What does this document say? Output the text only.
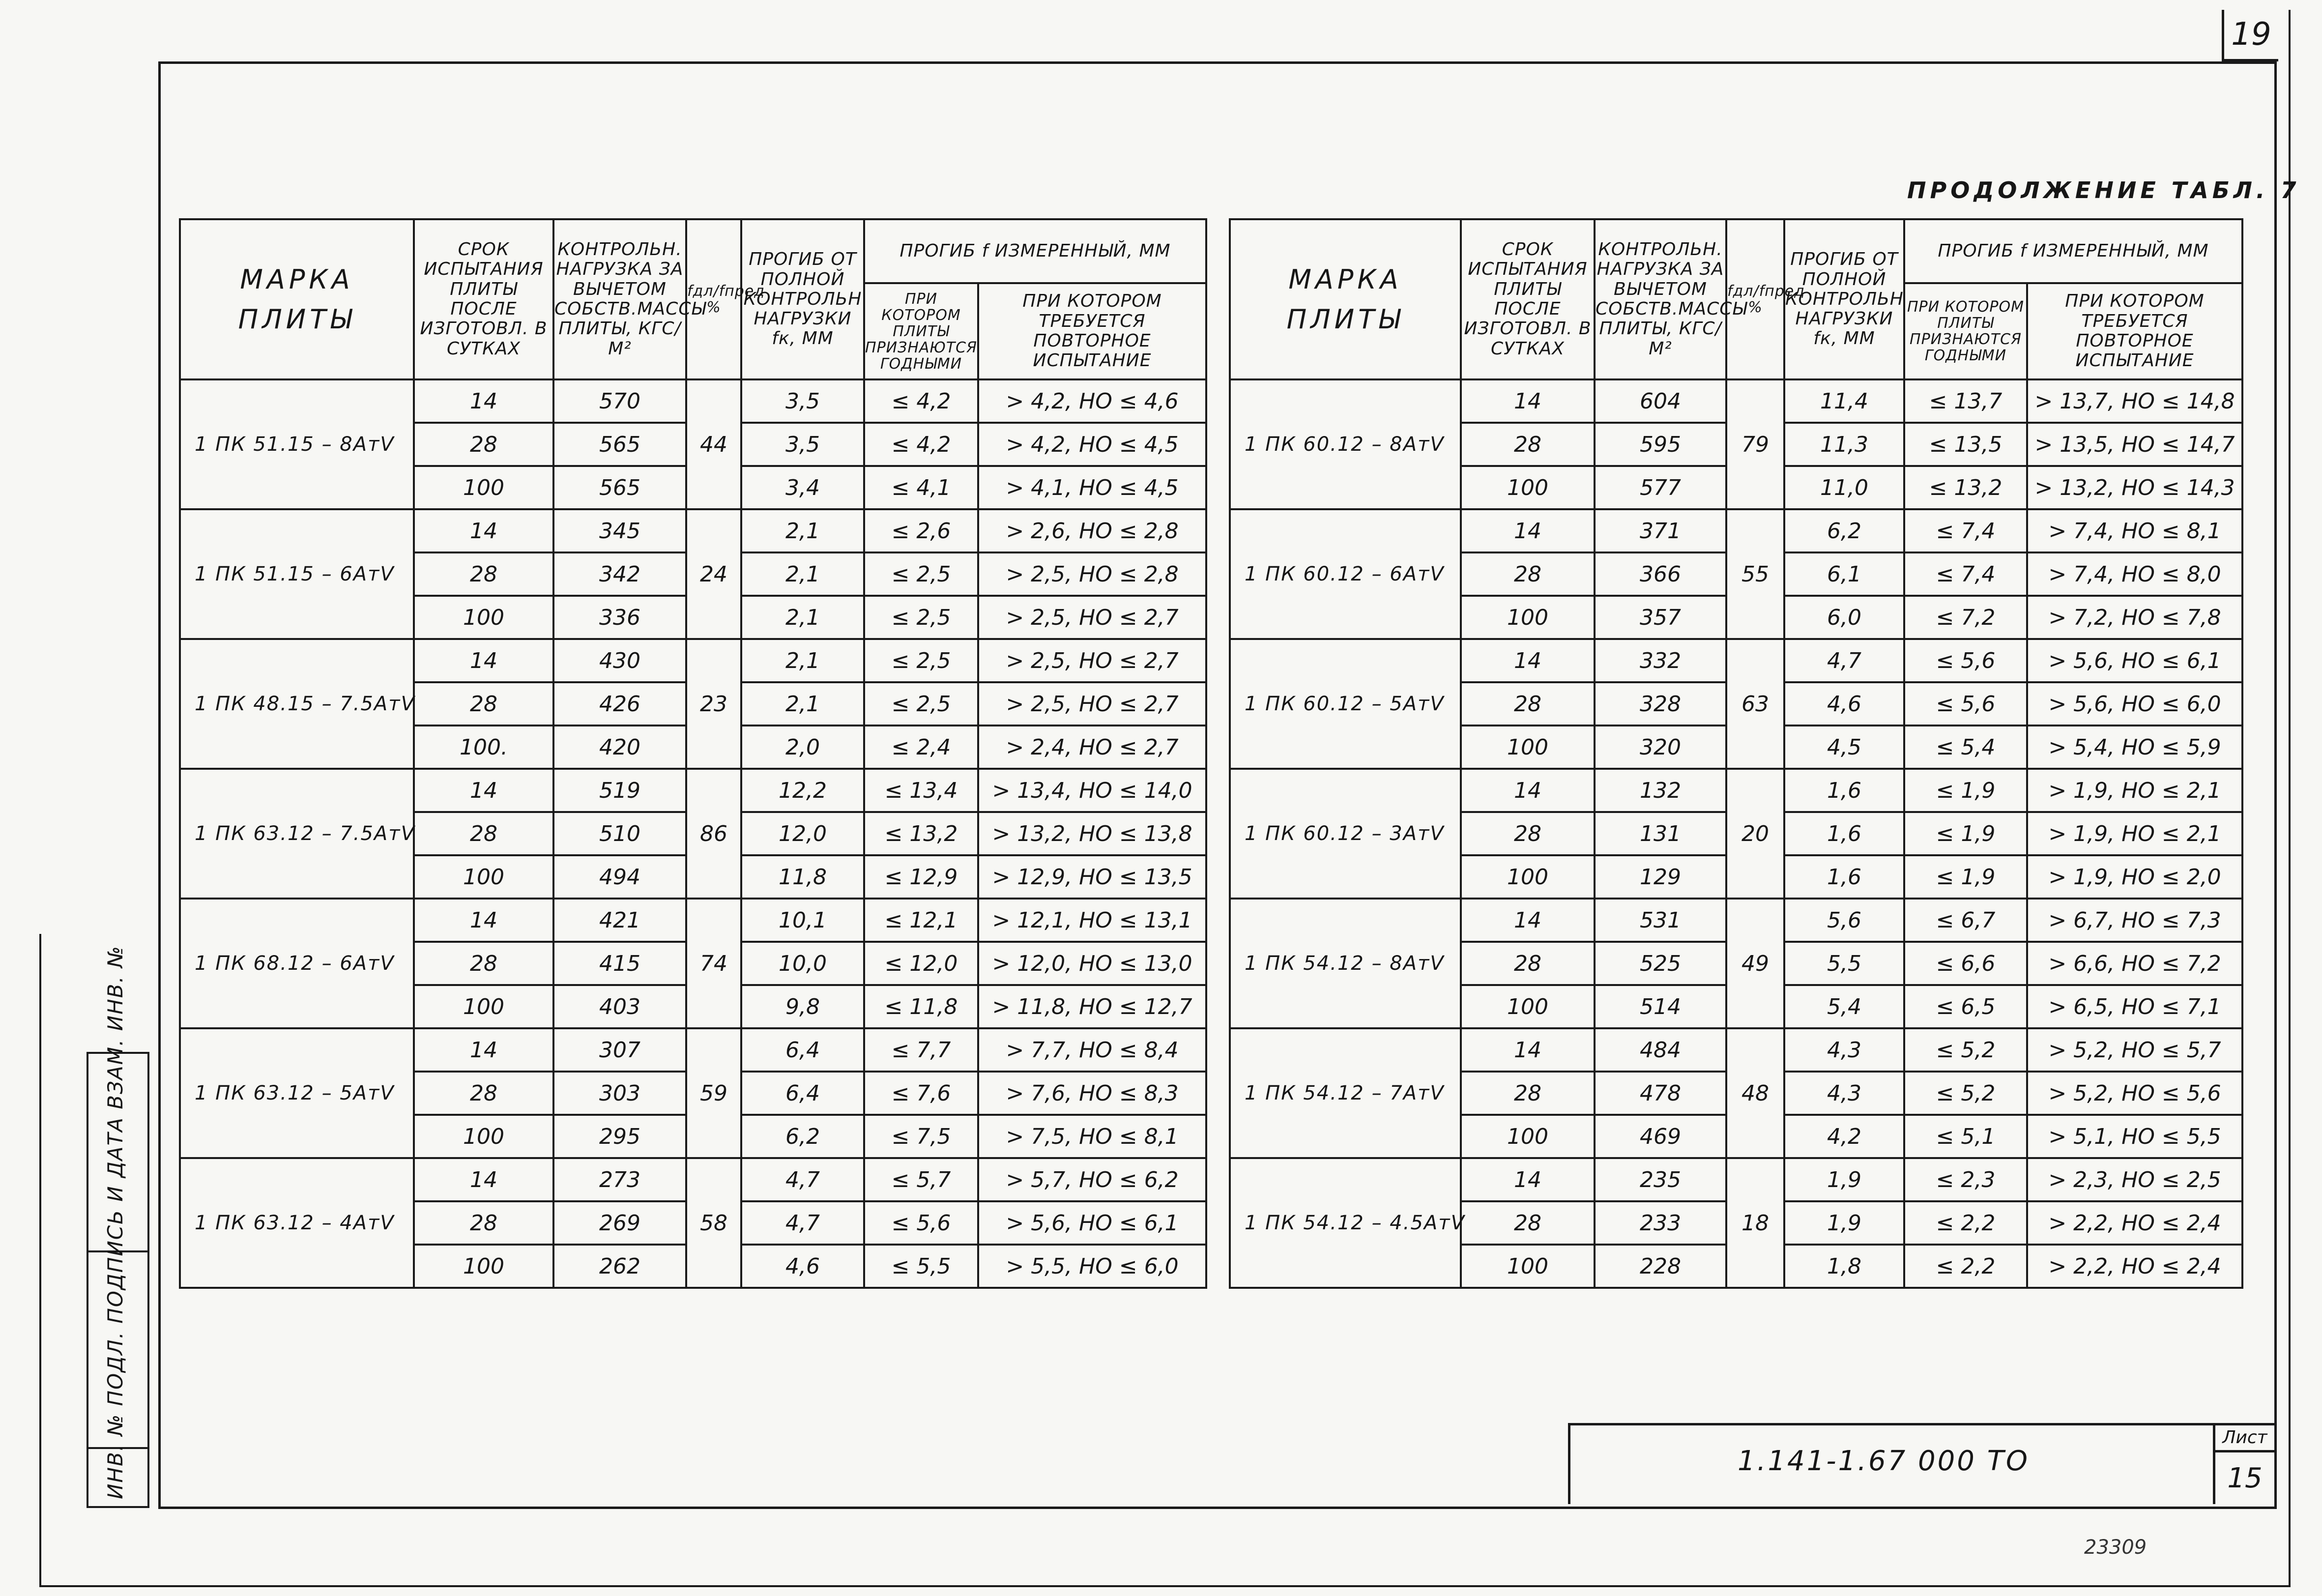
19
ПРОДОЛЖЕНИЕ ТАБЛ. 7
МАРКА ПЛИТЫ	СРОК ИСПЫТАНИЯ ПЛИТЫ ПОСЛЕ ИЗГОТОВЛ. В СУТКАХ	КОНТРОЛЬН. НАГРУЗКА ЗА ВЫЧЕТОМ СОБСТВ.МАССЫ ПЛИТЫ, КГС/М²	fдл/fпред %	ПРОГИБ ОТ ПОЛНОЙ КОНТРОЛЬН НАГРУЗКИ fк, ММ	ПРОГИБ f ИЗМЕРЕННЫЙ, ММ	
					ПРИ КОТОРОМ ПЛИТЫ ПРИЗНАЮТСЯ ГОДНЫМИ	ПРИ КОТОРОМ ТРЕБУЕТСЯ ПОВТОРНОЕ ИСПЫТАНИЕ
1 ПК 51.15 – 8АтⅤ	14	570	44	3,5	≤ 4,2	> 4,2, НО ≤ 4,6
	28	565		3,5	≤ 4,2	> 4,2, НО ≤ 4,5
	100	565		3,4	≤ 4,1	> 4,1, НО ≤ 4,5
1 ПК 51.15 – 6АтⅤ	14	345	24	2,1	≤ 2,6	> 2,6, НО ≤ 2,8
	28	342		2,1	≤ 2,5	> 2,5, НО ≤ 2,8
	100	336		2,1	≤ 2,5	> 2,5, НО ≤ 2,7
1 ПК 48.15 – 7.5АтⅤ	14	430	23	2,1	≤ 2,5	> 2,5, НО ≤ 2,7
	28	426		2,1	≤ 2,5	> 2,5, НО ≤ 2,7
	100.	420		2,0	≤ 2,4	> 2,4, НО ≤ 2,7
1 ПК 63.12 – 7.5АтⅤ	14	519	86	12,2	≤ 13,4	> 13,4, НО ≤ 14,0
	28	510		12,0	≤ 13,2	> 13,2, НО ≤ 13,8
	100	494		11,8	≤ 12,9	> 12,9, НО ≤ 13,5
1 ПК 68.12 – 6АтⅤ	14	421	74	10,1	≤ 12,1	> 12,1, НО ≤ 13,1
	28	415		10,0	≤ 12,0	> 12,0, НО ≤ 13,0
	100	403		9,8	≤ 11,8	> 11,8, НО ≤ 12,7
1 ПК 63.12 – 5АтⅤ	14	307	59	6,4	≤ 7,7	> 7,7, НО ≤ 8,4
	28	303		6,4	≤ 7,6	> 7,6, НО ≤ 8,3
	100	295		6,2	≤ 7,5	> 7,5, НО ≤ 8,1
1 ПК 63.12 – 4АтⅤ	14	273	58	4,7	≤ 5,7	> 5,7, НО ≤ 6,2
	28	269		4,7	≤ 5,6	> 5,6, НО ≤ 6,1
	100	262		4,6	≤ 5,5	> 5,5, НО ≤ 6,0
МАРКА ПЛИТЫ	СРОК ИСПЫТАНИЯ ПЛИТЫ ПОСЛЕ ИЗГОТОВЛ. В СУТКАХ	КОНТРОЛЬН. НАГРУЗКА ЗА ВЫЧЕТОМ СОБСТВ.МАССЫ ПЛИТЫ, КГС/М²	fдл/fпред %	ПРОГИБ ОТ ПОЛНОЙ КОНТРОЛЬН НАГРУЗКИ fк, ММ	ПРОГИБ f ИЗМЕРЕННЫЙ, ММ	
					ПРИ КОТОРОМ ПЛИТЫ ПРИЗНАЮТСЯ ГОДНЫМИ	ПРИ КОТОРОМ ТРЕБУЕТСЯ ПОВТОРНОЕ ИСПЫТАНИЕ
1 ПК 60.12 – 8АтⅤ	14	604	79	11,4	≤ 13,7	> 13,7, НО ≤ 14,8
	28	595		11,3	≤ 13,5	> 13,5, НО ≤ 14,7
	100	577		11,0	≤ 13,2	> 13,2, НО ≤ 14,3
1 ПК 60.12 – 6АтⅤ	14	371	55	6,2	≤ 7,4	> 7,4, НО ≤ 8,1
	28	366		6,1	≤ 7,4	> 7,4, НО ≤ 8,0
	100	357		6,0	≤ 7,2	> 7,2, НО ≤ 7,8
1 ПК 60.12 – 5АтⅤ	14	332	63	4,7	≤ 5,6	> 5,6, НО ≤ 6,1
	28	328		4,6	≤ 5,6	> 5,6, НО ≤ 6,0
	100	320		4,5	≤ 5,4	> 5,4, НО ≤ 5,9
1 ПК 60.12 – 3АтⅤ	14	132	20	1,6	≤ 1,9	> 1,9, НО ≤ 2,1
	28	131		1,6	≤ 1,9	> 1,9, НО ≤ 2,1
	100	129		1,6	≤ 1,9	> 1,9, НО ≤ 2,0
1 ПК 54.12 – 8АтⅤ	14	531	49	5,6	≤ 6,7	> 6,7, НО ≤ 7,3
	28	525		5,5	≤ 6,6	> 6,6, НО ≤ 7,2
	100	514		5,4	≤ 6,5	> 6,5, НО ≤ 7,1
1 ПК 54.12 – 7АтⅤ	14	484	48	4,3	≤ 5,2	> 5,2, НО ≤ 5,7
	28	478		4,3	≤ 5,2	> 5,2, НО ≤ 5,6
	100	469		4,2	≤ 5,1	> 5,1, НО ≤ 5,5
1 ПК 54.12 – 4.5АтⅤ	14	235	18	1,9	≤ 2,3	> 2,3, НО ≤ 2,5
	28	233		1,9	≤ 2,2	> 2,2, НО ≤ 2,4
	100	228		1,8	≤ 2,2	> 2,2, НО ≤ 2,4
ИНВ. № ПОДЛ. ПОДПИСЬ И ДАТА ВЗАМ. ИНВ. №	1.141-1.67 000 ТО
Лист
15
23309
